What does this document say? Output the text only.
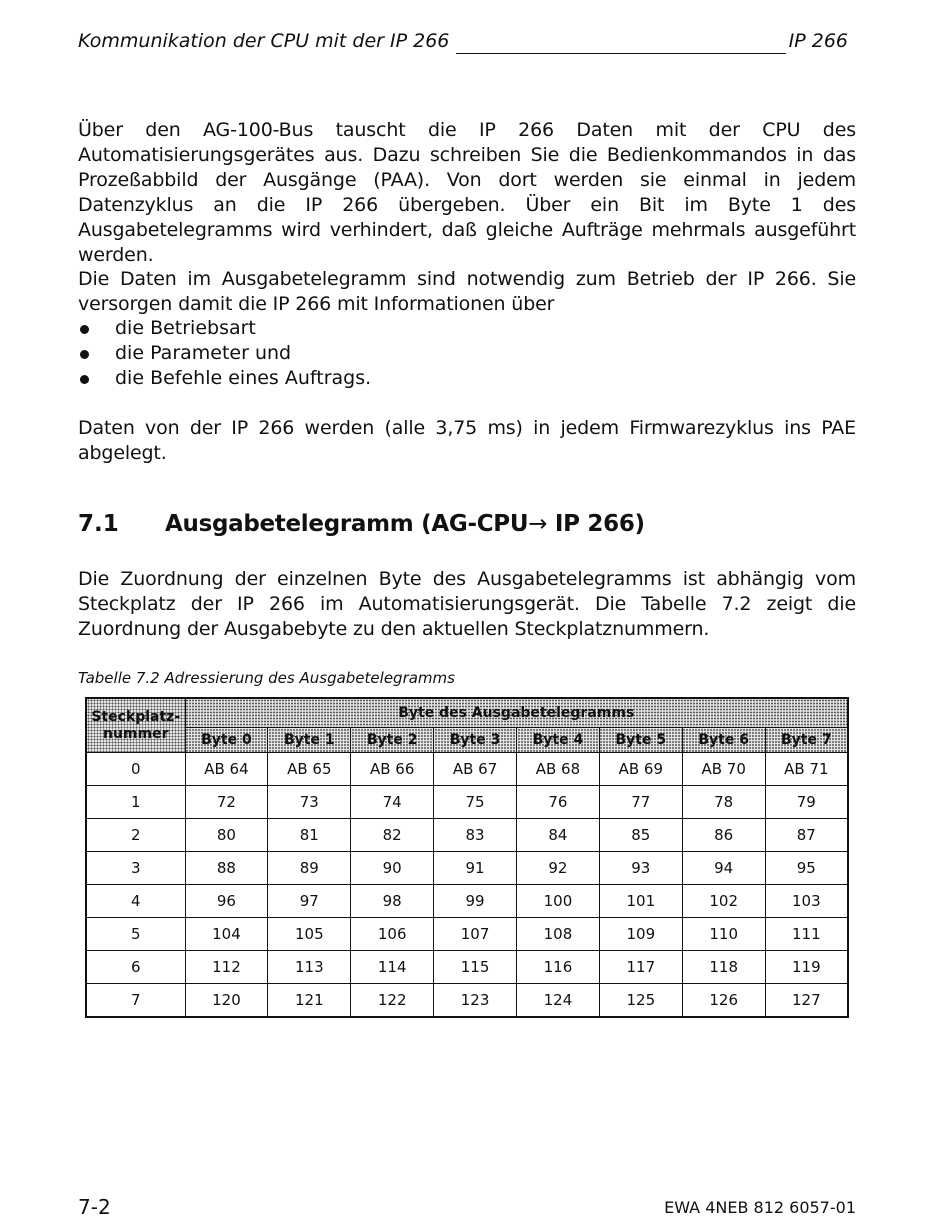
Kommunikation der CPU mit der IP 266	IP 266

Über den AG-100-Bus tauscht die IP 266 Daten mit der CPU des Automatisierungsgerätes aus. Dazu schreiben Sie die Bedienkommandos in das Prozeßabbild der Ausgänge (PAA). Von dort werden sie einmal in jedem Datenzyklus an die IP 266 übergeben. Über ein Bit im Byte 1 des Ausgabetelegramms wird verhindert, daß gleiche Aufträge mehrmals ausgeführt werden.

Die Daten im Ausgabetelegramm sind notwendig zum Betrieb der IP 266. Sie versorgen damit die IP 266 mit Informationen über

die Betriebsart
die Parameter und
die Befehle eines Auftrags.

Daten von der IP 266 werden (alle 3,75 ms) in jedem Firmwarezyklus ins PAE abgelegt.

7.1 Ausgabetelegramm (AG-CPU→ IP 266)

Die Zuordnung der einzelnen Byte des Ausgabetelegramms ist abhängig vom Steckplatz der IP 266 im Automatisierungsgerät. Die Tabelle 7.2 zeigt die Zuordnung der Ausgabebyte zu den aktuellen Steckplatznummern.

Tabelle 7.2 Adressierung des Ausgabetelegramms
Steckplatz-
nummer	Byte des Ausgabetelegramms							
	Byte 0	Byte 1	Byte 2	Byte 3	Byte 4	Byte 5	Byte 6	Byte 7
0	AB 64	AB 65	AB 66	AB 67	AB 68	AB 69	AB 70	AB 71
1	72	73	74	75	76	77	78	79
2	80	81	82	83	84	85	86	87
3	88	89	90	91	92	93	94	95
4	96	97	98	99	100	101	102	103
5	104	105	106	107	108	109	110	111
6	112	113	114	115	116	117	118	119
7	120	121	122	123	124	125	126	127
7-2	EWA 4NEB 812 6057-01
